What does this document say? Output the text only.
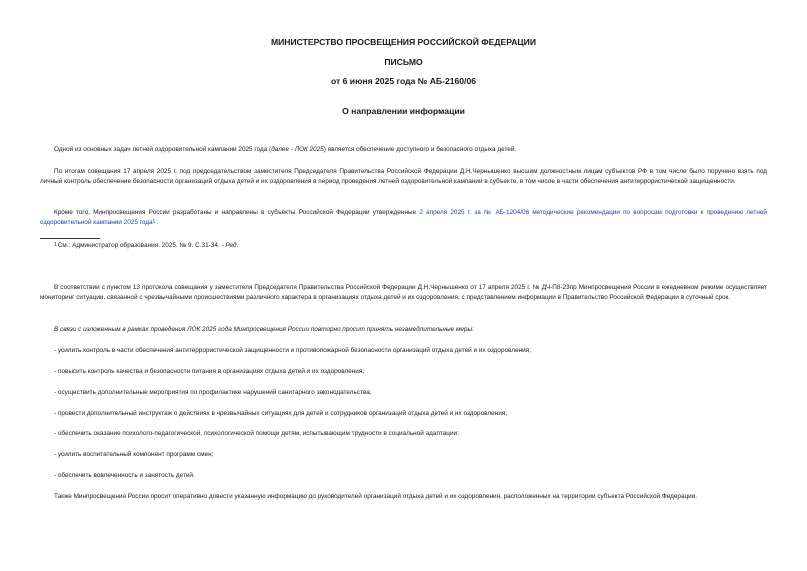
МИНИСТЕРСТВО ПРОСВЕЩЕНИЯ РОССИЙСКОЙ ФЕДЕРАЦИИ
ПИСЬМО
от 6 июня 2025 года № АБ-2160/06
О направлении информации
Одной из основных задач летней оздоровительной кампании 2025 года (далее - ЛОК 2025) является обеспечение доступного и безопасного отдыха детей.
По итогам совещания 17 апреля 2025 г. под председательством заместителя Председателя Правительства Российской Федерации Д.Н.Чернышенко высшим должностным лицам субъектов РФ в том числе было поручено взять под личный контроль обеспечение безопасности организаций отдыха детей и их оздоровления в период проведения летней оздоровительной кампании в субъекте, в том числе в части обеспечения антитеррористической защищенности.
Кроме того, Минпросвещения России разработаны и направлены в субъекты Российской Федерации утвержденные 2 апреля 2025 г. за № АБ-1204/06 методические рекомендации по вопросам подготовки к проведению летней оздоровительной кампании 2025 года$^1$.
$^1$См.: Администратор образования. 2025. № 9. С.31-34. - Ред.
В соответствии с пунктом 13 протокола совещания у заместителя Председателя Правительства Российской Федерации Д.Н.Чернышенко от 17 апреля 2025 г. № ДЧ-П8-23пр Минпросвещения России в ежедневном режиме осуществляет мониторинг ситуации, связанной с чрезвычайными происшествиями различного характера в организациях отдыха детей и их оздоровления, с представлением информации в Правительство Российской Федерации в суточный срок.
В связи с изложенным в рамках проведения ЛОК 2025 года Минпросвещения России повторно просит принять незамедлительные меры:
- усилить контроль в части обеспечения антитеррористической защищенности и противопожарной безопасности организаций отдыха детей и их оздоровления;
- повысить контроль качества и безопасности питания в организациях отдыха детей и их оздоровления;
- осуществить дополнительные мероприятия по профилактике нарушений санитарного законодательства;
- провести дополнительный инструктаж о действиях в чрезвычайных ситуациях для детей и сотрудников организаций отдыха детей и их оздоровления;
- обеспечить оказание психолого-педагогической, психологической помощи детям, испытывающим трудности в социальной адаптации;
- усилить воспитательный компонент программ смен;
- обеспечить вовлеченность и занятость детей.
Также Минпросвещения России просит оперативно довести указанную информацию до руководителей организаций отдыха детей и их оздоровления, расположенных на территории субъекта Российской Федерации.
